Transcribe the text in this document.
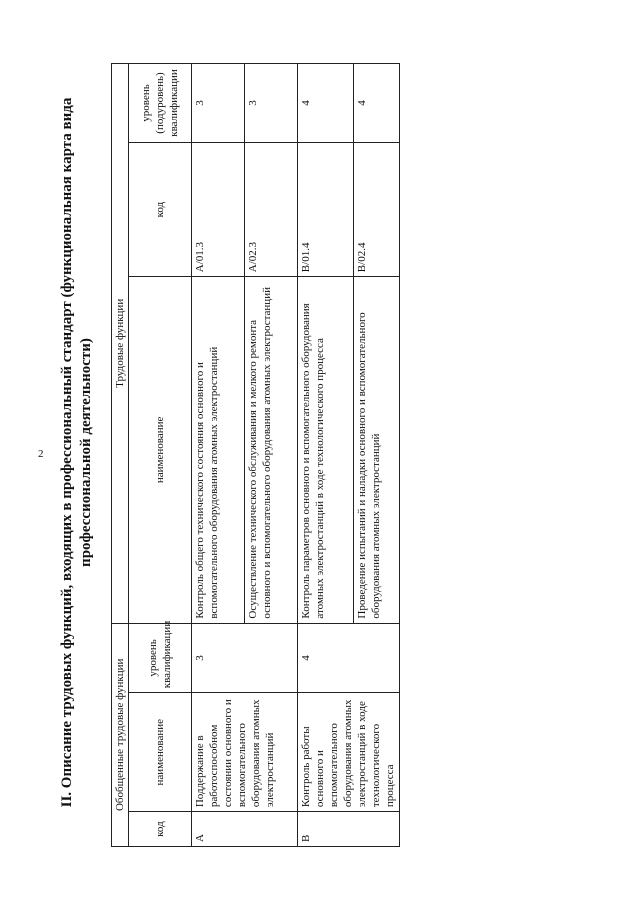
2 II. Описание трудовых функций, входящих в профессиональный стандарт (функциональная карта вида профессиональной деятельности)
Обобщенные трудовые функции			Трудовые функции		
код	наименование	уровень квалификации	наименование	код	уровень (подуровень) квалификации
A	Поддержание в работоспособном состоянии основного и вспомогательного оборудования атомных электростанций	3	Контроль общего технического состояния основного и вспомогательного оборудования атомных электростанций	A/01.3	3
			Осуществление технического обслуживания и мелкого ремонта основного и вспомогательного оборудования атомных электростанций	A/02.3	3
B	Контроль работы основного и вспомогательного оборудования атомных электростанций в ходе технологического процесса	4	Контроль параметров основного и вспомогательного оборудования атомных электростанций в ходе технологического процесса	B/01.4	4
			Проведение испытаний и наладки основного и вспомогательного оборудования атомных электростанций	B/02.4	4
